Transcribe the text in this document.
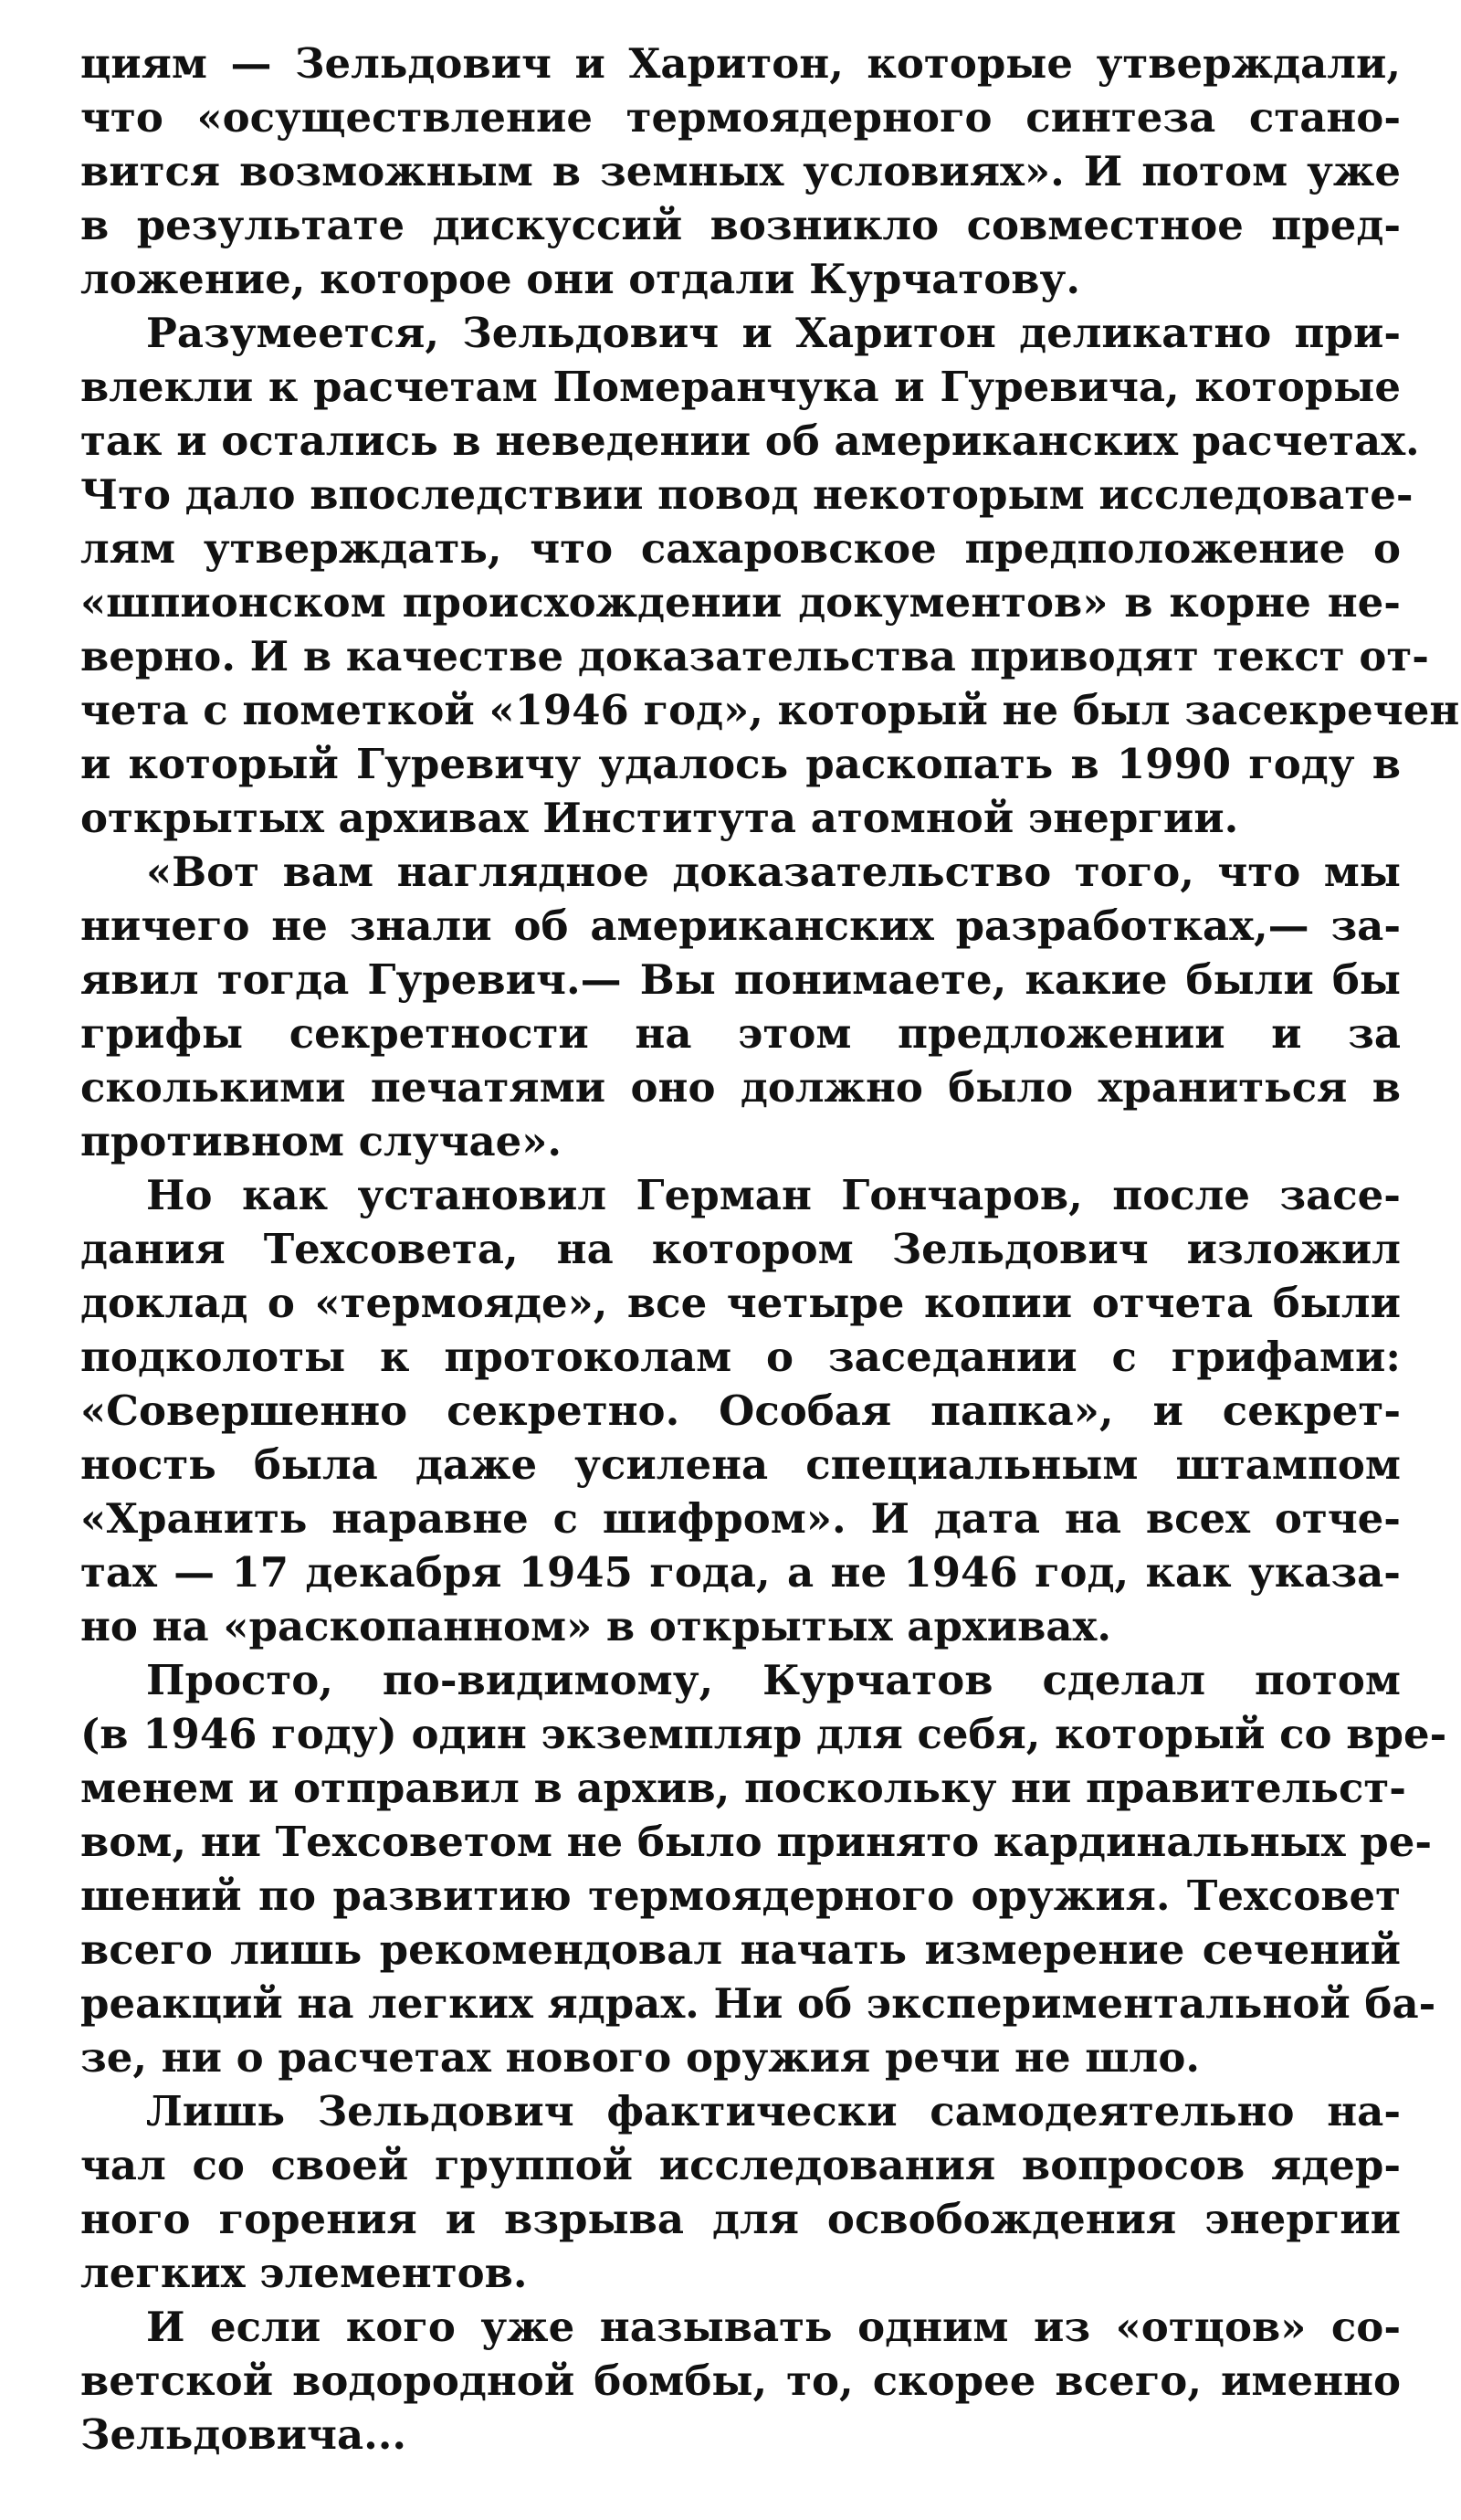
циям — Зельдович и Харитон, которые утверждали,
что «осуществление термоядерного синтеза стано-
вится возможным в земных условиях». И потом уже
в результате дискуссий возникло совместное пред-
ложение, которое они отдали Курчатову.
Разумеется, Зельдович и Харитон деликатно при-
влекли к расчетам Померанчука и Гуревича, которые
так и остались в неведении об американских расчетах.
Что дало впоследствии повод некоторым исследовате-
лям утверждать, что сахаровское предположение о
«шпионском происхождении документов» в корне не-
верно. И в качестве доказательства приводят текст от-
чета с пометкой «1946 год», который не был засекречен
и который Гуревичу удалось раскопать в 1990 году в
открытых архивах Института атомной энергии.
«Вот вам наглядное доказательство того, что мы
ничего не знали об американских разработках,— за-
явил тогда Гуревич.— Вы понимаете, какие были бы
грифы секретности на этом предложении и за
сколькими печатями оно должно было храниться в
противном случае».
Но как установил Герман Гончаров, после засе-
дания Техсовета, на котором Зельдович изложил
доклад о «термояде», все четыре копии отчета были
подколоты к протоколам о заседании с грифами:
«Совершенно секретно. Особая папка», и секрет-
ность была даже усилена специальным штампом
«Хранить наравне с шифром». И дата на всех отче-
тах — 17 декабря 1945 года, а не 1946 год, как указа-
но на «раскопанном» в открытых архивах.
Просто, по-видимому, Курчатов сделал потом
(в 1946 году) один экземпляр для себя, который со вре-
менем и отправил в архив, поскольку ни правительст-
вом, ни Техсоветом не было принято кардинальных ре-
шений по развитию термоядерного оружия. Техсовет
всего лишь рекомендовал начать измерение сечений
реакций на легких ядрах. Ни об экспериментальной ба-
зе, ни о расчетах нового оружия речи не шло.
Лишь Зельдович фактически самодеятельно на-
чал со своей группой исследования вопросов ядер-
ного горения и взрыва для освобождения энергии
легких элементов.
И если кого уже называть одним из «отцов» со-
ветской водородной бомбы, то, скорее всего, именно
Зельдовича...
